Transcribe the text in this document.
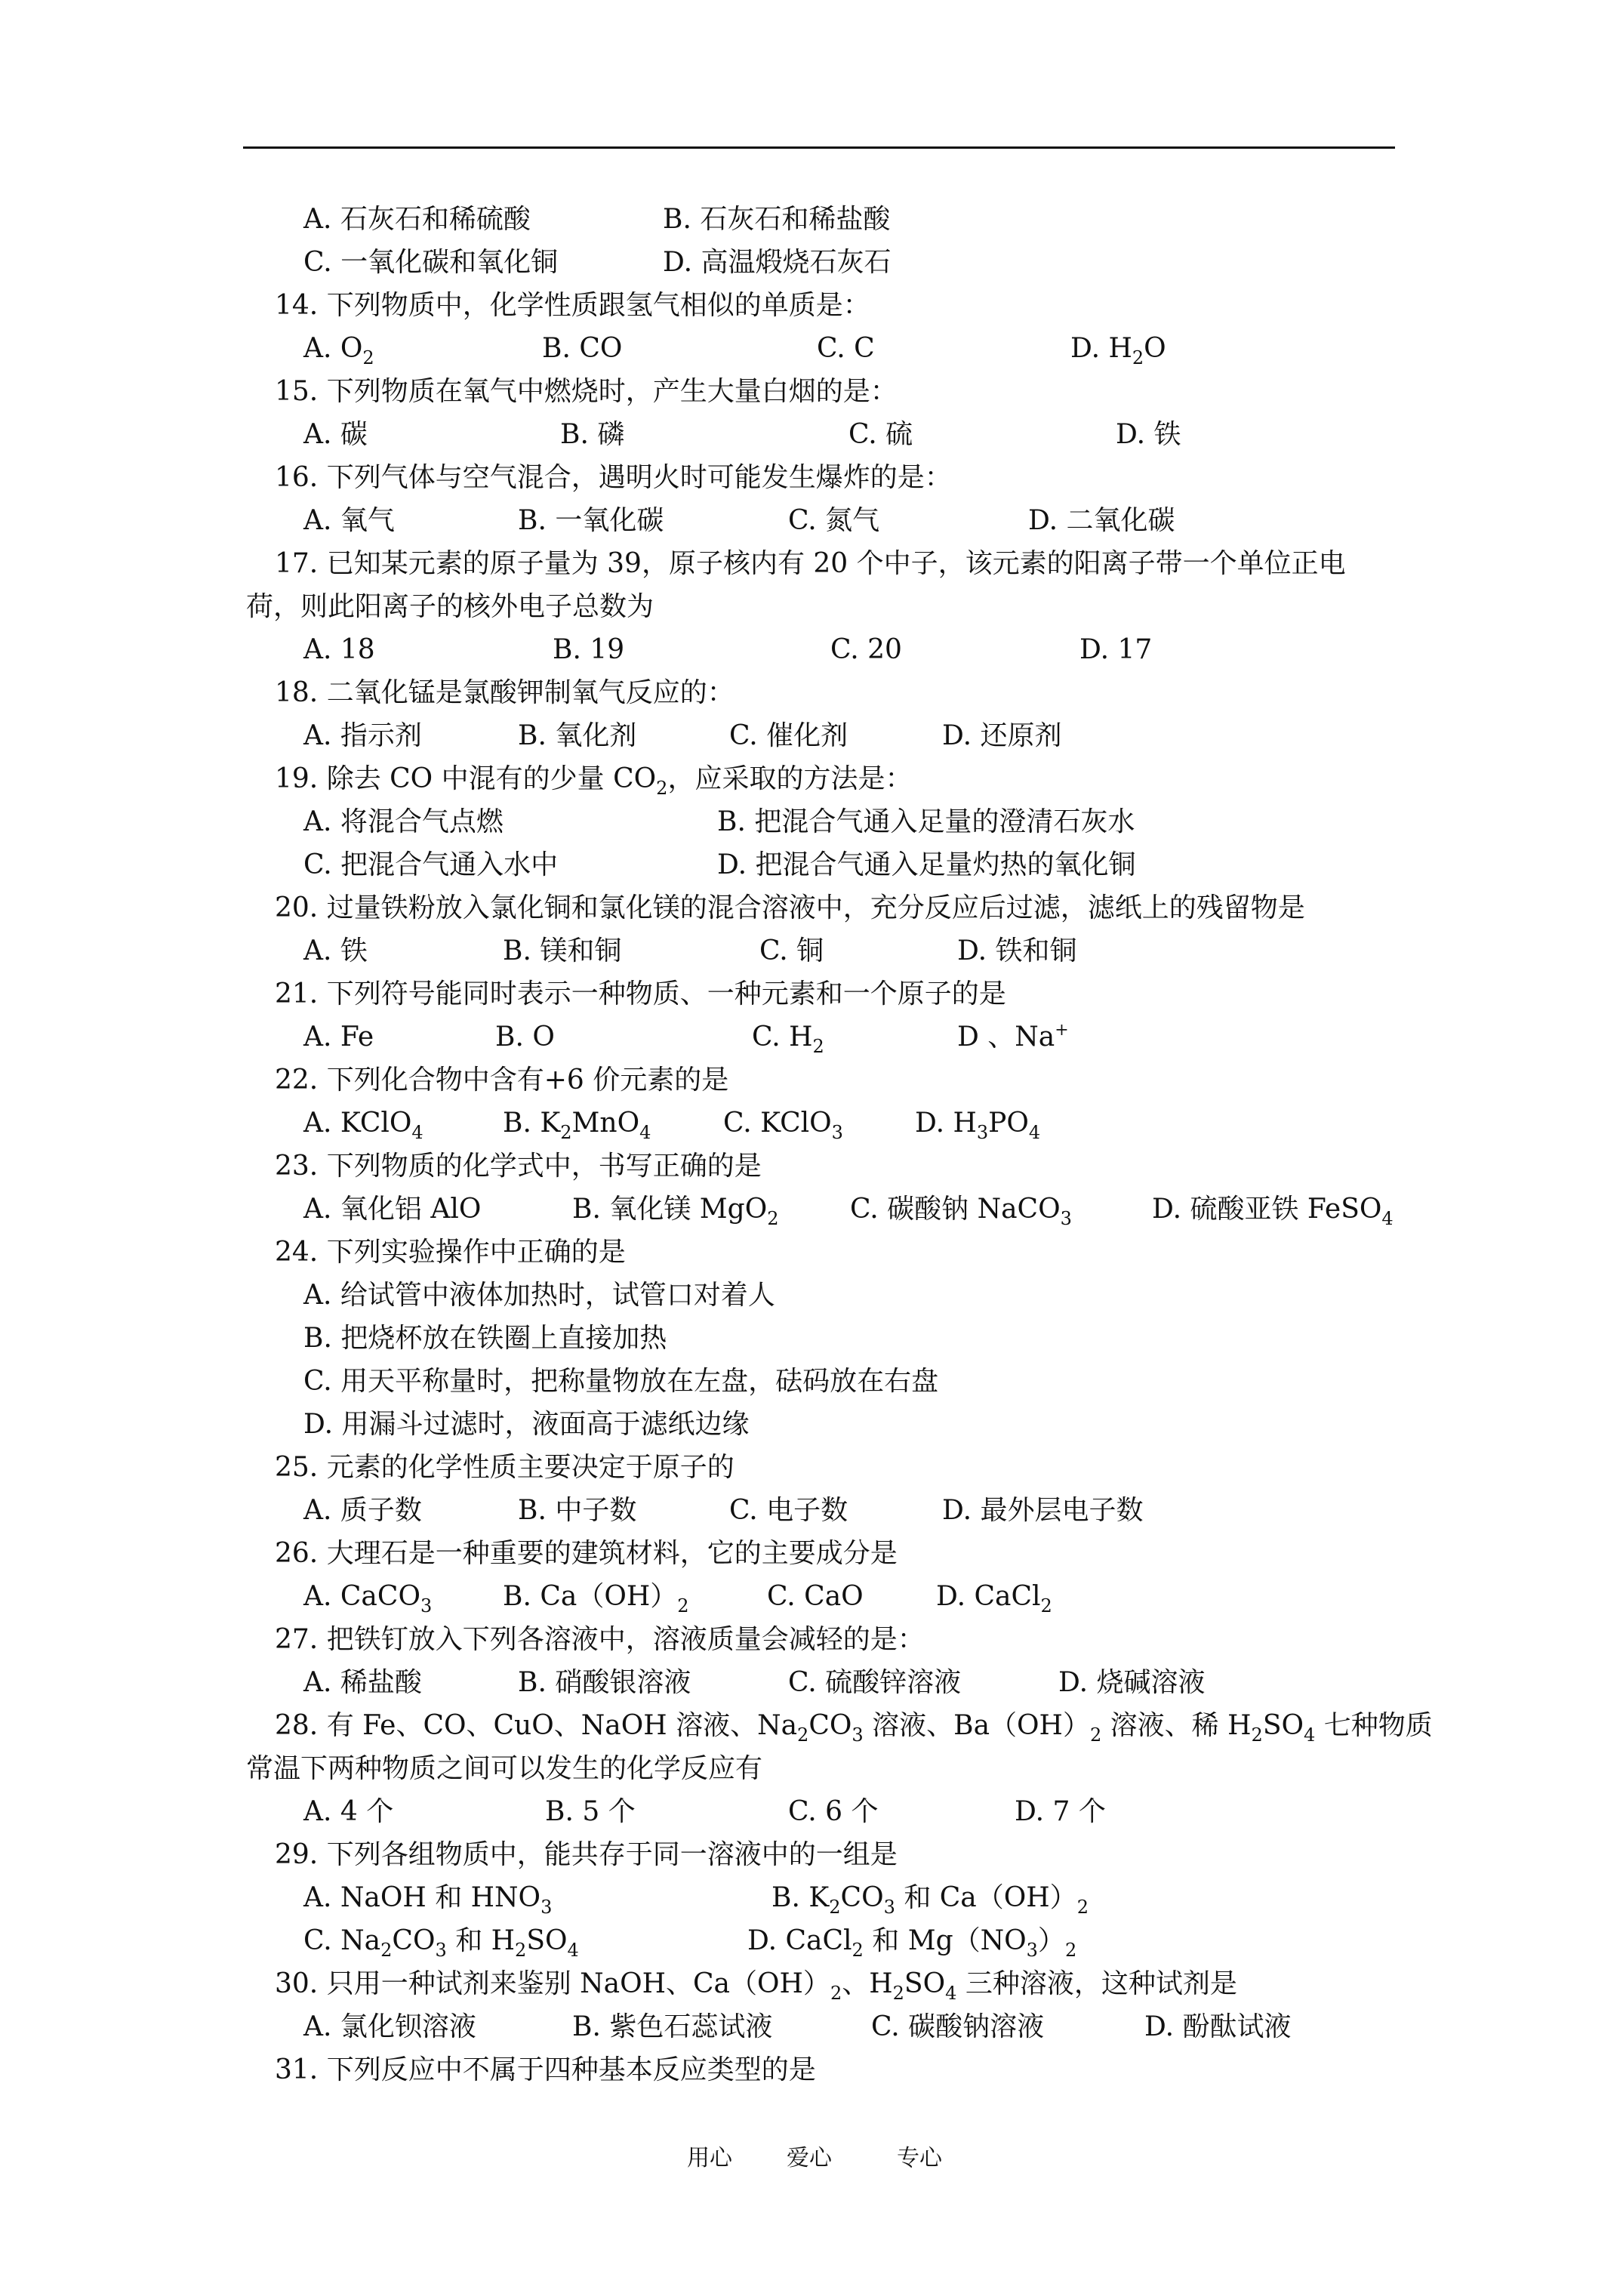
A. 石灰石和稀硫酸	B. 石灰石和稀盐酸
C. 一氧化碳和氧化铜	D. 高温煅烧石灰石
14. 下列物质中，化学性质跟氢气相似的单质是：
A. $O_2$	B. CO	C. C	D. $H_2O$
15. 下列物质在氧气中燃烧时，产生大量白烟的是：
A. 碳	B. 磷	C. 硫	D. 铁
16. 下列气体与空气混合，遇明火时可能发生爆炸的是：
A. 氧气	B. 一氧化碳	C. 氮气	D. 二氧化碳
17. 已知某元素的原子量为 39，原子核内有 20 个中子，该元素的阳离子带一个单位正电
荷，则此阳离子的核外电子总数为
A. 18	B. 19	C. 20	D. 17
18. 二氧化锰是氯酸钾制氧气反应的：
A. 指示剂	B. 氧化剂	C. 催化剂	D. 还原剂
19. 除去 CO 中混有的少量 $CO_2$，应采取的方法是：
A. 将混合气点燃	B. 把混合气通入足量的澄清石灰水
C. 把混合气通入水中	D. 把混合气通入足量灼热的氧化铜
20. 过量铁粉放入氯化铜和氯化镁的混合溶液中，充分反应后过滤，滤纸上的残留物是
A. 铁	B. 镁和铜	C. 铜	D. 铁和铜
21. 下列符号能同时表示一种物质、一种元素和一个原子的是
A. Fe	B. O	C. $H_2$	D 、Na+
22. 下列化合物中含有+6 价元素的是
A. KClO$_4$	B. $K_2MnO_4$	C. KClO$_3$	D. $H_3PO_4$
23. 下列物质的化学式中，书写正确的是
A. 氧化铝 AlO	B. 氧化镁 MgO$_2$	C. 碳酸钠 NaCO$_3$	D. 硫酸亚铁 FeSO$_4$
24. 下列实验操作中正确的是
A. 给试管中液体加热时，试管口对着人
B. 把烧杯放在铁圈上直接加热
C. 用天平称量时，把称量物放在左盘，砝码放在右盘
D. 用漏斗过滤时，液面高于滤纸边缘
25. 元素的化学性质主要决定于原子的
A. 质子数	B. 中子数	C. 电子数	D. 最外层电子数
26. 大理石是一种重要的建筑材料，它的主要成分是
A. CaCO$_3$	B. $Ca(OH)_2$	C. CaO	D. CaCl$_2$
27. 把铁钉放入下列各溶液中，溶液质量会减轻的是：
A. 稀盐酸	B. 硝酸银溶液	C. 硫酸锌溶液	D. 烧碱溶液
28. 有 Fe、CO、CuO、NaOH 溶液、$Na_2CO_3$ 溶液、$Ba(OH)_2$ 溶液、稀 $H_2SO_4$ 七种物质
常温下两种物质之间可以发生的化学反应有
A. 4 个	B. 5 个	C. 6 个	D. 7 个
29. 下列各组物质中，能共存于同一溶液中的一组是
A. NaOH 和 $HNO_3$	B. $K_2CO_3$ 和 $Ca(OH)_2$
C. $Na_2CO_3$ 和 $H_2SO_4$	D. CaCl$_2$ 和 $Mg(NO_3)_2$
30. 只用一种试剂来鉴别 NaOH、$Ca(OH)_2$、$H_2SO_4$ 三种溶液，这种试剂是
A. 氯化钡溶液	B. 紫色石蕊试液	C. 碳酸钠溶液	D. 酚酞试液
31. 下列反应中不属于四种基本反应类型的是
用心 爱心	专心
